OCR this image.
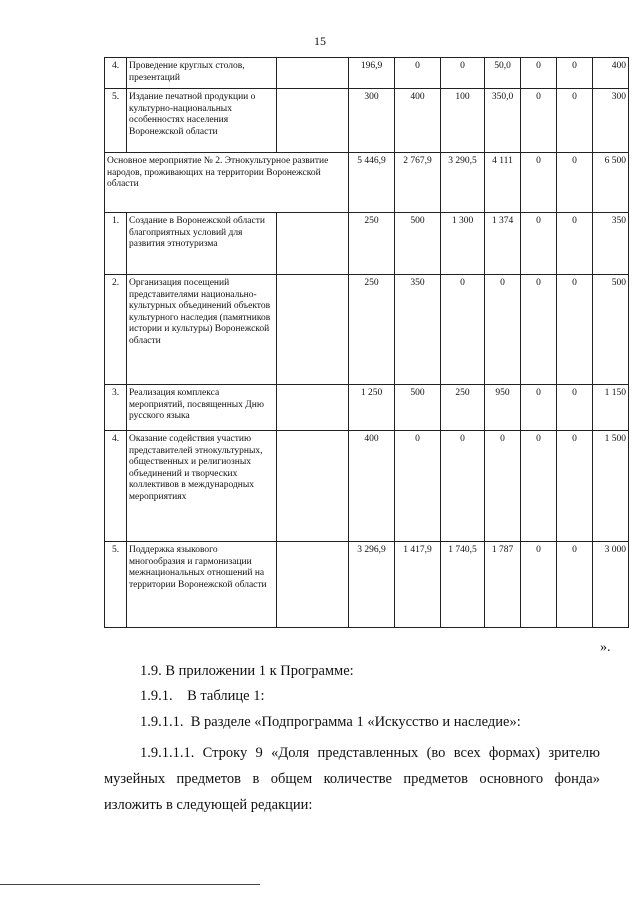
15
4.	Проведение круглых столов, презентаций		196,9	0	0	50,0	0	0	400
5.	Издание печатной продукции о культурно-национальных особенностях населения Воронежской области		300	400	100	350,0	0	0	300
Основное мероприятие № 2. Этнокультурное развитие народов, проживающих на территории Воронежской области			5 446,9	2 767,9	3 290,5	4 111	0	0	6 500
1.	Создание в Воронежской области благоприятных условий для развития этнотуризма		250	500	1 300	1 374	0	0	350
2.	Организация посещений представителями национально-культурных объединений объектов культурного наследия (памятников истории и культуры) Воронежской области		250	350	0	0	0	0	500
3.	Реализация комплекса мероприятий, посвященных Дню русского языка		1 250	500	250	950	0	0	1 150
4.	Оказание содействия участию представителей этнокультурных, общественных и религиозных объединений и творческих коллективов в международных мероприятиях		400	0	0	0	0	0	1 500
5.	Поддержка языкового многообразия и гармонизации межнациональных отношений на территории Воронежской области		3 296,9	1 417,9	1 740,5	1 787	0	0	3 000
».
1.9. В приложении 1 к Программе:
1.9.1.    В таблице 1:
1.9.1.1.  В разделе «Подпрограмма 1 «Искусство и наследие»:
1.9.1.1.1. Строку 9 «Доля представленных (во всех формах) зрителю музейных предметов в общем количестве предметов основного фонда» изложить в следующей редакции:
